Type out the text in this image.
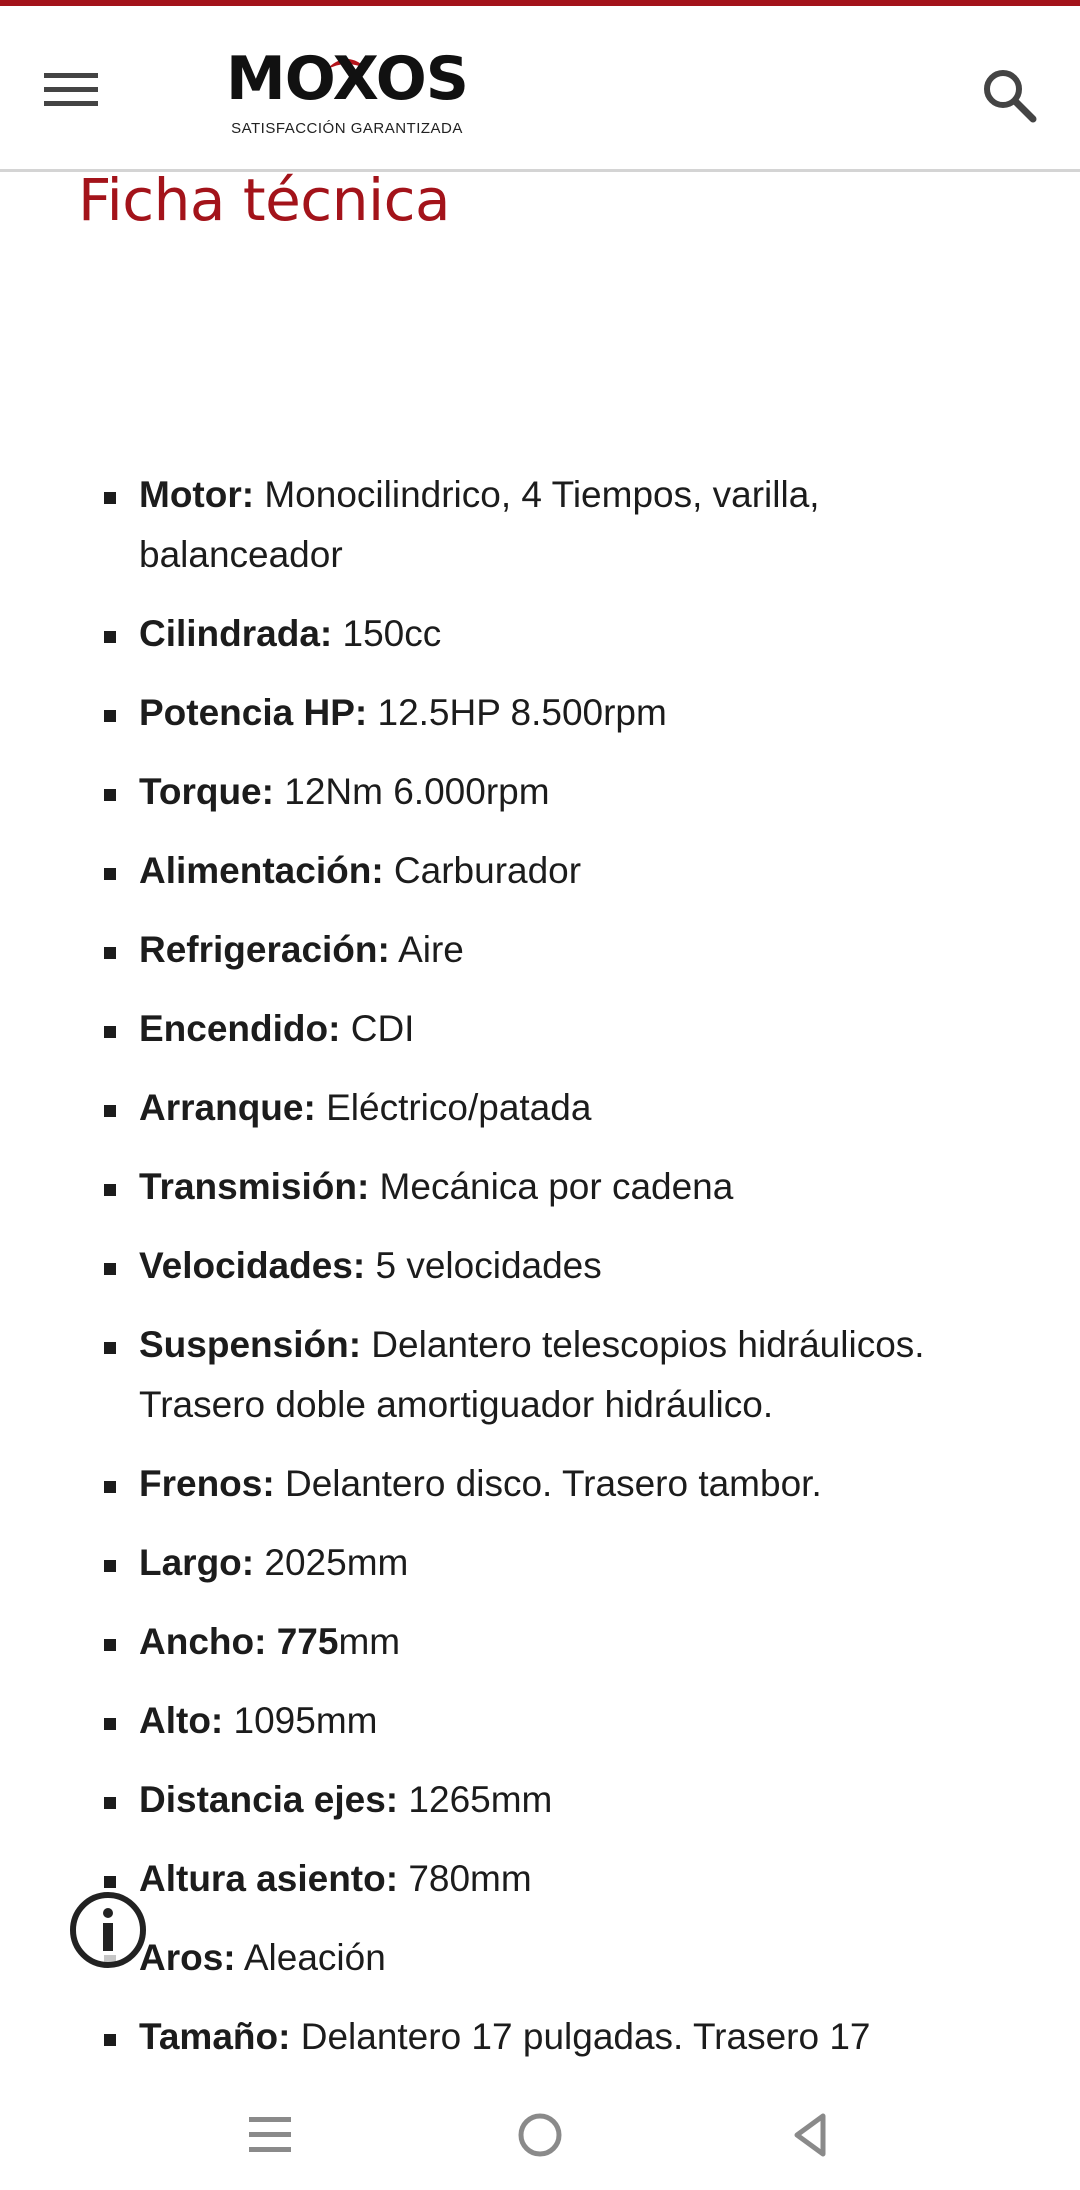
MOXOS
SATISFACCIÓN GARANTIZADA
Ficha técnica
Motor: Monocilindrico, 4 Tiempos, varilla, balanceador
Cilindrada: 150cc
Potencia HP: 12.5HP 8.500rpm
Torque: 12Nm 6.000rpm
Alimentación: Carburador
Refrigeración: Aire
Encendido: CDI
Arranque: Eléctrico/patada
Transmisión: Mecánica por cadena
Velocidades: 5 velocidades
Suspensión: Delantero telescopios hidráulicos. Trasero doble amortiguador hidráulico.
Frenos: Delantero disco. Trasero tambor.
Largo: 2025mm
Ancho: 775mm
Alto: 1095mm
Distancia ejes: 1265mm
Altura asiento: 780mm
Aros: Aleación
Tamaño: Delantero 17 pulgadas. Trasero 17
